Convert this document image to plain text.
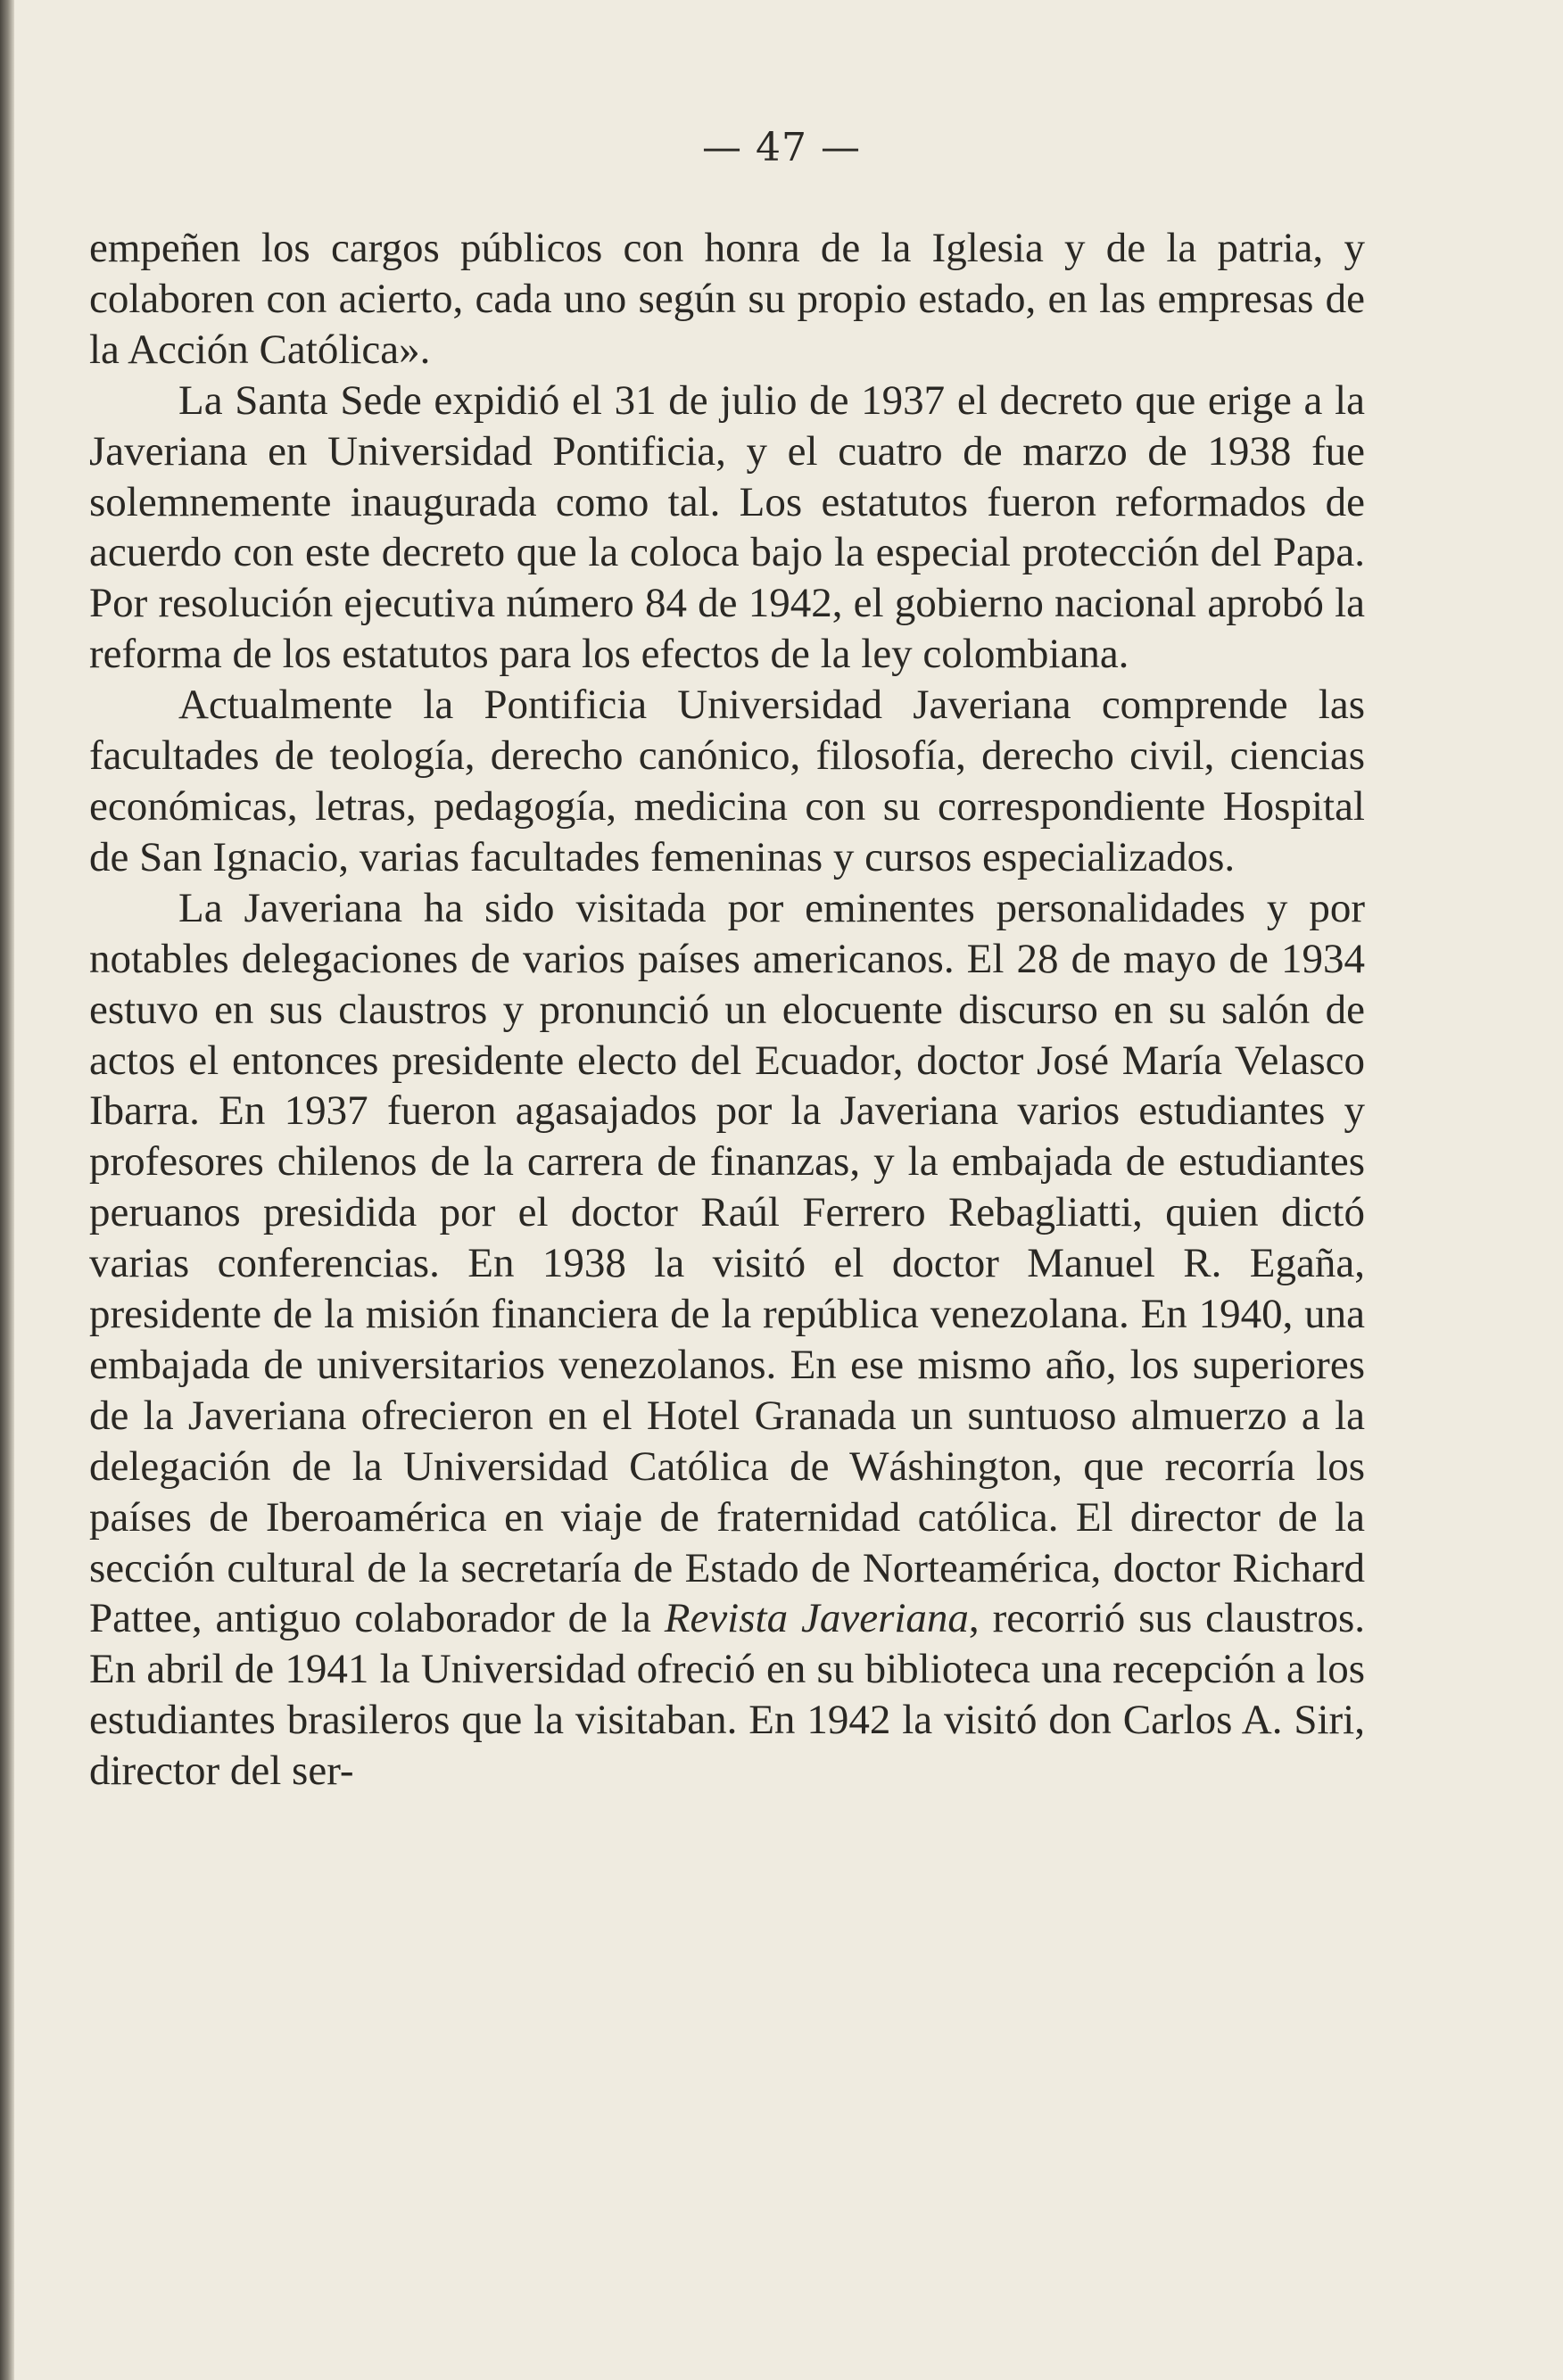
— 47 —

empeñen los cargos públicos con honra de la Iglesia y de la patria, y colaboren con acierto, cada uno según su propio estado, en las empresas de la Acción Católica».

La Santa Sede expidió el 31 de julio de 1937 el decreto que erige a la Javeriana en Universidad Pontificia, y el cuatro de marzo de 1938 fue solemnemente inaugurada como tal. Los estatutos fueron reformados de acuerdo con este decreto que la coloca bajo la especial protección del Papa. Por resolución ejecutiva número 84 de 1942, el gobierno nacional aprobó la reforma de los estatutos para los efectos de la ley colombiana.

Actualmente la Pontificia Universidad Javeriana comprende las facultades de teología, derecho canónico, filosofía, derecho civil, ciencias económicas, letras, pedagogía, medicina con su correspondiente Hospital de San Ignacio, varias facultades femeninas y cursos especializados.

La Javeriana ha sido visitada por eminentes personalidades y por notables delegaciones de varios países americanos. El 28 de mayo de 1934 estuvo en sus claustros y pronunció un elocuente discurso en su salón de actos el entonces presidente electo del Ecuador, doctor José María Velasco Ibarra. En 1937 fueron agasajados por la Javeriana varios estudiantes y profesores chilenos de la carrera de finanzas, y la embajada de estudiantes peruanos presidida por el doctor Raúl Ferrero Rebagliatti, quien dictó varias conferencias. En 1938 la visitó el doctor Manuel R. Egaña, presidente de la misión financiera de la república venezolana. En 1940, una embajada de universitarios venezolanos. En ese mismo año, los superiores de la Javeriana ofrecieron en el Hotel Granada un suntuoso almuerzo a la delegación de la Universidad Católica de Wáshington, que recorría los países de Iberoamérica en viaje de fraternidad católica. El director de la sección cultural de la secretaría de Estado de Norteamérica, doctor Richard Pattee, antiguo colaborador de la Revista Javeriana, recorrió sus claustros. En abril de 1941 la Universidad ofreció en su biblioteca una recepción a los estudiantes brasileros que la visitaban. En 1942 la visitó don Carlos A. Siri, director del ser-
